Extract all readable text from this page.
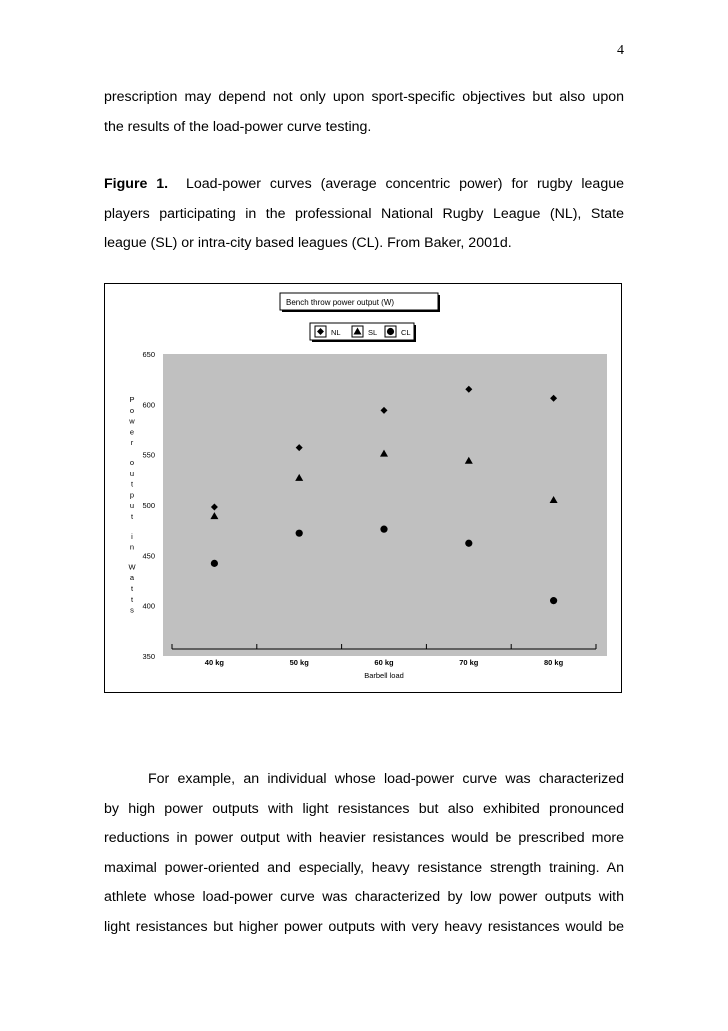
4
prescription may depend not only upon sport-specific objectives but also upon
the results of the load-power curve testing.
Figure 1. Load-power curves (average concentric power) for rugby league
players participating in the professional National Rugby League (NL), State
league (SL) or intra-city based leagues (CL). From Baker, 2001d.
Bench throw power output (W)
NL	SL	CL
650
600
550
500
450
400
350
P
o
w
e
r
o
u
t
p
u
t
i
n
W
a
t
t
s
40 kg	50 kg	60 kg	70 kg	80 kg
Barbell load
For example, an individual whose load-power curve was characterized
by high power outputs with light resistances but also exhibited pronounced
reductions in power output with heavier resistances would be prescribed more
maximal power-oriented and especially, heavy resistance strength training. An
athlete whose load-power curve was characterized by low power outputs with
light resistances but higher power outputs with very heavy resistances would be
